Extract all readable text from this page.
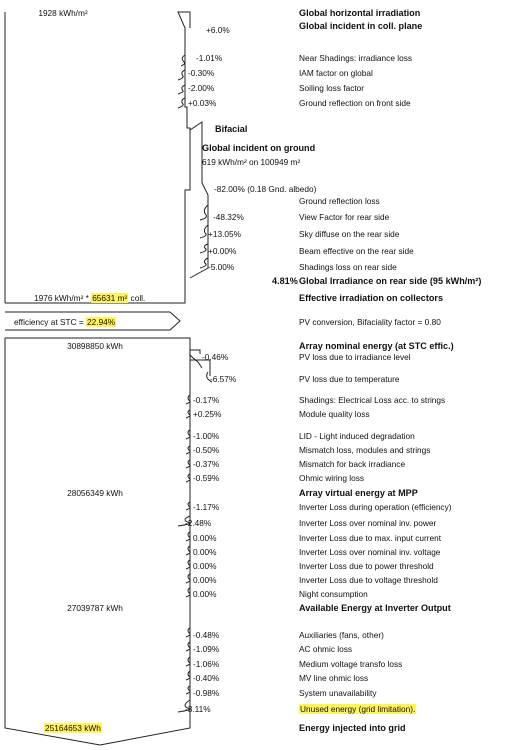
1928 kWh/m²
+6.0%
-1.01%
-0.30%
-2.00%
+0.03%
Bifacial
Global incident on ground
619 kWh/m² on 100949 m²
-82.00% (0.18 Gnd. albedo)
Ground reflection loss
-48.32%
+13.05%
+0.00%
-5.00%
4.81%
1976 kWh/m² * 65631 m² coll.
efficiency at STC = 22.94%
30898850 kWh
-0.46%
-6.57%
-0.17%
+0.25%
-1.00%
-0.50%
-0.37%
-0.59%
28056349 kWh
-1.17%
-2.48%
0.00%
0.00%
0.00%
0.00%
0.00%
27039787 kWh
-0.48%
-1.09%
-1.06%
-0.40%
-0.98%
-3.11%
25164653 kWh
Global horizontal irradiation
Global incident in coll. plane
Near Shadings: irradiance loss
IAM factor on global
Soiling loss factor
Ground reflection on front side
View Factor for rear side
Sky diffuse on the rear side
Beam effective on the rear side
Shadings loss on rear side
Global Irradiance on rear side (95 kWh/m²)
Effective irradiation on collectors
PV conversion, Bifaciality factor = 0.80
Array nominal energy (at STC effic.)
PV loss due to irradiance level
PV loss due to temperature
Shadings: Electrical Loss acc. to strings
Module quality loss
LID - Light induced degradation
Mismatch loss, modules and strings
Mismatch for back irradiance
Ohmic wiring loss
Array virtual energy at MPP
Inverter Loss during operation (efficiency)
Inverter Loss over nominal inv. power
Inverter Loss due to max. input current
Inverter Loss over nominal inv. voltage
Inverter Loss due to power threshold
Inverter Loss due to voltage threshold
Night consumption
Available Energy at Inverter Output
Auxiliaries (fans, other)
AC ohmic loss
Medium voltage transfo loss
MV line ohmic loss
System unavailability
Unused energy (grid limitation).
Energy injected into grid
